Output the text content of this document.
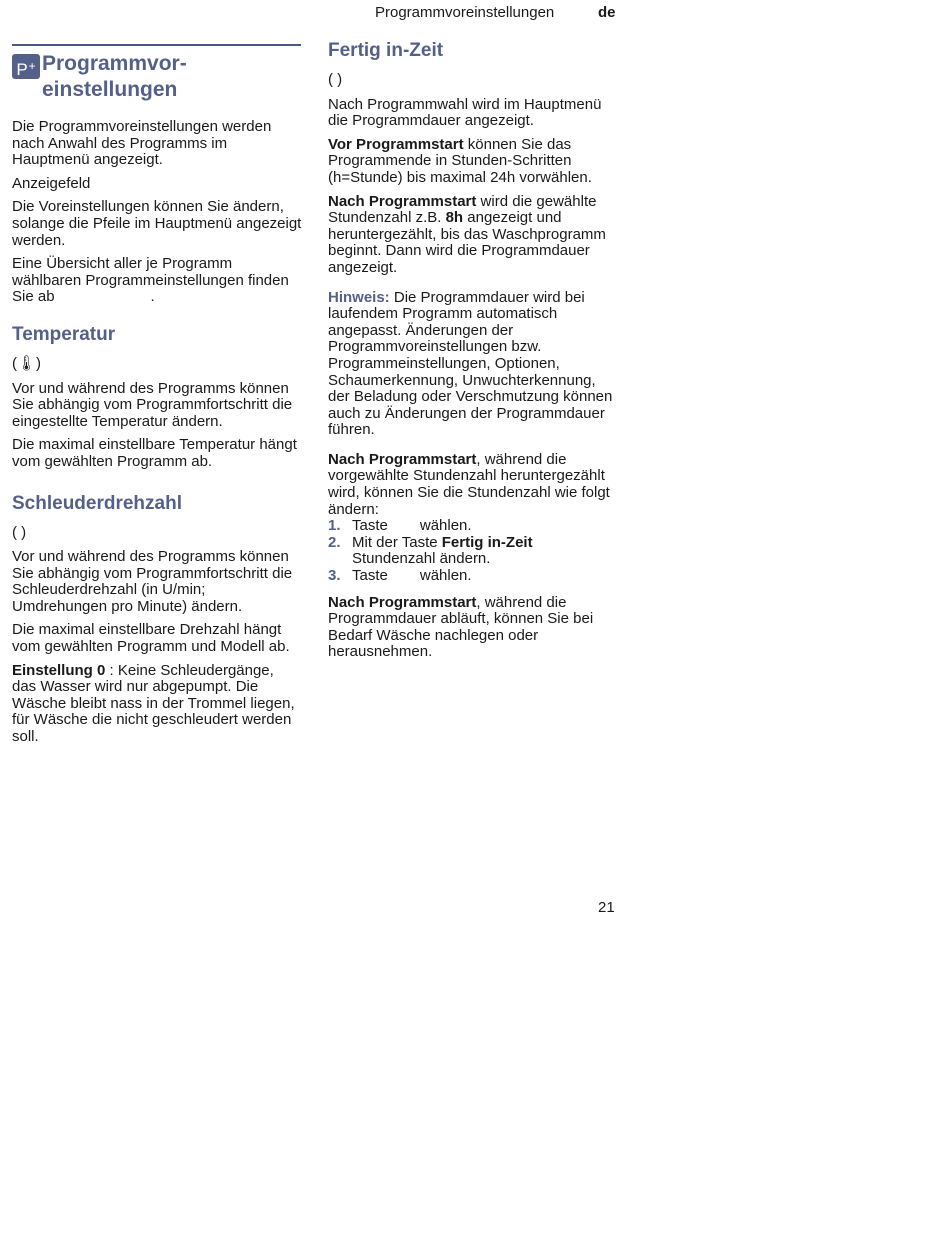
Programmvoreinstellungen	de
P+ Programmvor-
einstellungen

Die Programmvoreinstellungen werden nach Anwahl des Programms im Hauptmenü angezeigt.

Anzeigefeld

Die Voreinstellungen können Sie ändern, solange die Pfeile im Hauptmenü angezeigt werden.

Eine Übersicht aller je Programm wählbaren Programmeinstellungen finden Sie ab	.

Temperatur
(🌡)

Vor und während des Programms können Sie abhängig vom Programmfortschritt die eingestellte Temperatur ändern.

Die maximal einstellbare Temperatur hängt vom gewählten Programm ab.

Schleuderdrehzahl
( )

Vor und während des Programms können Sie abhängig vom Programmfortschritt die Schleuderdrehzahl (in U/min; Umdrehungen pro Minute) ändern.

Die maximal einstellbare Drehzahl hängt vom gewählten Programm und Modell ab.

Einstellung 0 : Keine Schleudergänge, das Wasser wird nur abgepumpt. Die Wäsche bleibt nass in der Trommel liegen, für Wäsche die nicht geschleudert werden soll.

Fertig in-Zeit
( )

Nach Programmwahl wird im Hauptmenü die Programmdauer angezeigt.

Vor Programmstart können Sie das Programmende in Stunden-Schritten (h=Stunde) bis maximal 24h vorwählen.

Nach Programmstart wird die gewählte Stundenzahl z.B. 8h angezeigt und heruntergezählt, bis das Waschprogramm beginnt. Dann wird die Programmdauer angezeigt.

Hinweis: Die Programmdauer wird bei laufendem Programm automatisch angepasst. Änderungen der Programmvoreinstellungen bzw. Programmeinstellungen, Optionen, Schaumerkennung, Unwuchterkennung, der Beladung oder Verschmutzung können auch zu Änderungen der Programmdauer führen.

Nach Programmstart, während die vorgewählte Stundenzahl heruntergezählt wird, können Sie die Stundenzahl wie folgt ändern:

1. Taste wählen.
2. Mit der Taste Fertig in-Zeit Stundenzahl ändern.
3. Taste wählen.

Nach Programmstart, während die Programmdauer abläuft, können Sie bei Bedarf Wäsche nachlegen oder herausnehmen.

21
